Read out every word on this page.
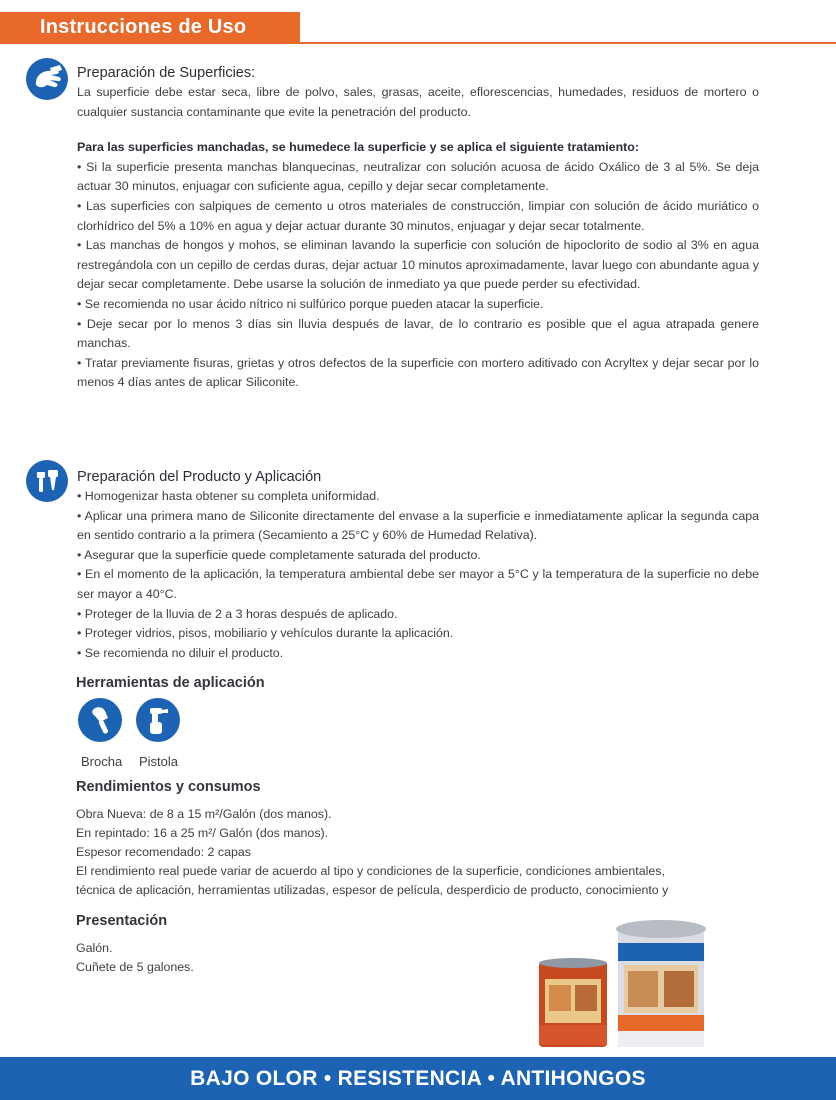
Instrucciones de Uso
Preparación de Superficies:

La superficie debe estar seca, libre de polvo, sales, grasas, aceite, eflorescencias, humedades, residuos de mortero o cualquier sustancia contaminante que evite la penetración del producto.

Para las superficies manchadas, se humedece la superficie y se aplica el siguiente tratamiento:

• Si la superficie presenta manchas blanquecinas, neutralizar con solución acuosa de ácido Oxálico de 3 al 5%. Se deja actuar 30 minutos, enjuagar con suficiente agua, cepillo y dejar secar completamente.

• Las superficies con salpiques de cemento u otros materiales de construcción, limpiar con solución de ácido muriático o clorhídrico del 5% a 10% en agua y dejar actuar durante 30 minutos, enjuagar y dejar secar totalmente.

• Las manchas de hongos y mohos, se eliminan lavando la superficie con solución de hipoclorito de sodio al 3% en agua restregándola con un cepillo de cerdas duras, dejar actuar 10 minutos aproximadamente, lavar luego con abundante agua y dejar secar completamente. Debe usarse la solución de inmediato ya que puede perder su efectividad.

• Se recomienda no usar ácido nítrico ni sulfúrico porque pueden atacar la superficie.

• Deje secar por lo menos 3 días sin lluvia después de lavar, de lo contrario es posible que el agua atrapada genere manchas.

• Tratar previamente fisuras, grietas y otros defectos de la superficie con mortero aditivado con Acryltex y dejar secar por lo menos 4 días antes de aplicar Siliconite.

Preparación del Producto y Aplicación

• Homogenizar hasta obtener su completa uniformidad.

• Aplicar una primera mano de Siliconite directamente del envase a la superficie e inmediatamente aplicar la segunda capa en sentido contrario a la primera (Secamiento a 25°C y 60% de Humedad Relativa).

• Asegurar que la superficie quede completamente saturada del producto.

• En el momento de la aplicación, la temperatura ambiental debe ser mayor a 5°C y la temperatura de la superficie no debe ser mayor a 40°C.

• Proteger de la lluvia de 2 a 3 horas después de aplicado.

• Proteger vidrios, pisos, mobiliario y vehículos durante la aplicación.

• Se recomienda no diluir el producto.

Herramientas de aplicación
Brocha Pistola
Rendimientos y consumos

Obra Nueva: de 8 a 15 m²/Galón (dos manos).

En repintado: 16 a 25 m²/ Galón (dos manos).

Espesor recomendado: 2 capas

El rendimiento real puede variar de acuerdo al tipo y condiciones de la superficie, condiciones ambientales,

técnica de aplicación, herramientas utilizadas, espesor de película, desperdicio de producto, conocimiento y

Presentación

Galón.

Cuñete de 5 galones.

BAJO OLOR • RESISTENCIA • ANTIHONGOS
